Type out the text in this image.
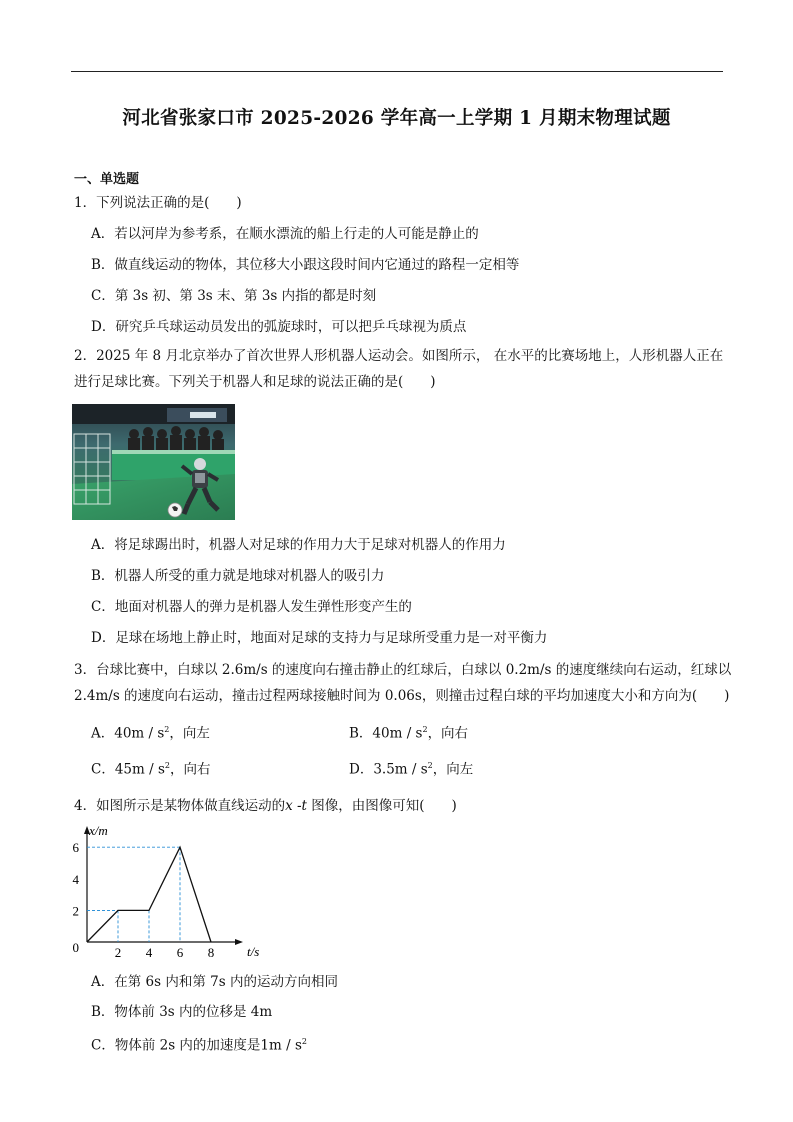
河北省张家口市 2025-2026 学年高一上学期 1 月期末物理试题
一、单选题
1．下列说法正确的是(　　)
A．若以河岸为参考系，在顺水漂流的船上行走的人可能是静止的
B．做直线运动的物体，其位移大小跟这段时间内它通过的路程一定相等
C．第 3s 初、第 3s 末、第 3s 内指的都是时刻
D．研究乒乓球运动员发出的弧旋球时，可以把乒乓球视为质点
2．2025 年 8 月北京举办了首次世界人形机器人运动会。如图所示， 在水平的比赛场地上，人形机器人正在
进行足球比赛。下列关于机器人和足球的说法正确的是(　　)
A．将足球踢出时，机器人对足球的作用力大于足球对机器人的作用力
B．机器人所受的重力就是地球对机器人的吸引力
C．地面对机器人的弹力是机器人发生弹性形变产生的
D．足球在场地上静止时，地面对足球的支持力与足球所受重力是一对平衡力
3．台球比赛中，白球以 2.6m/s 的速度向右撞击静止的红球后，白球以 0.2m/s 的速度继续向右运动，红球以
2.4m/s 的速度向右运动，撞击过程两球接触时间为 0.06s，则撞击过程白球的平均加速度大小和方向为(　　)
A．$40m / s^2$，向左	B．$40m / s^2$，向右
C．$45m / s^2$，向右	D．$3.5m / s^2$，向左
4．如图所示是某物体做直线运动的x -t 图像，由图像可知(　　)
2 4 6 8
0
2
4
6
t/s
x/m
A．在第 6s 内和第 7s 内的运动方向相同
B．物体前 3s 内的位移是 4m
C．物体前 2s 内的加速度是$1m / s^2$
